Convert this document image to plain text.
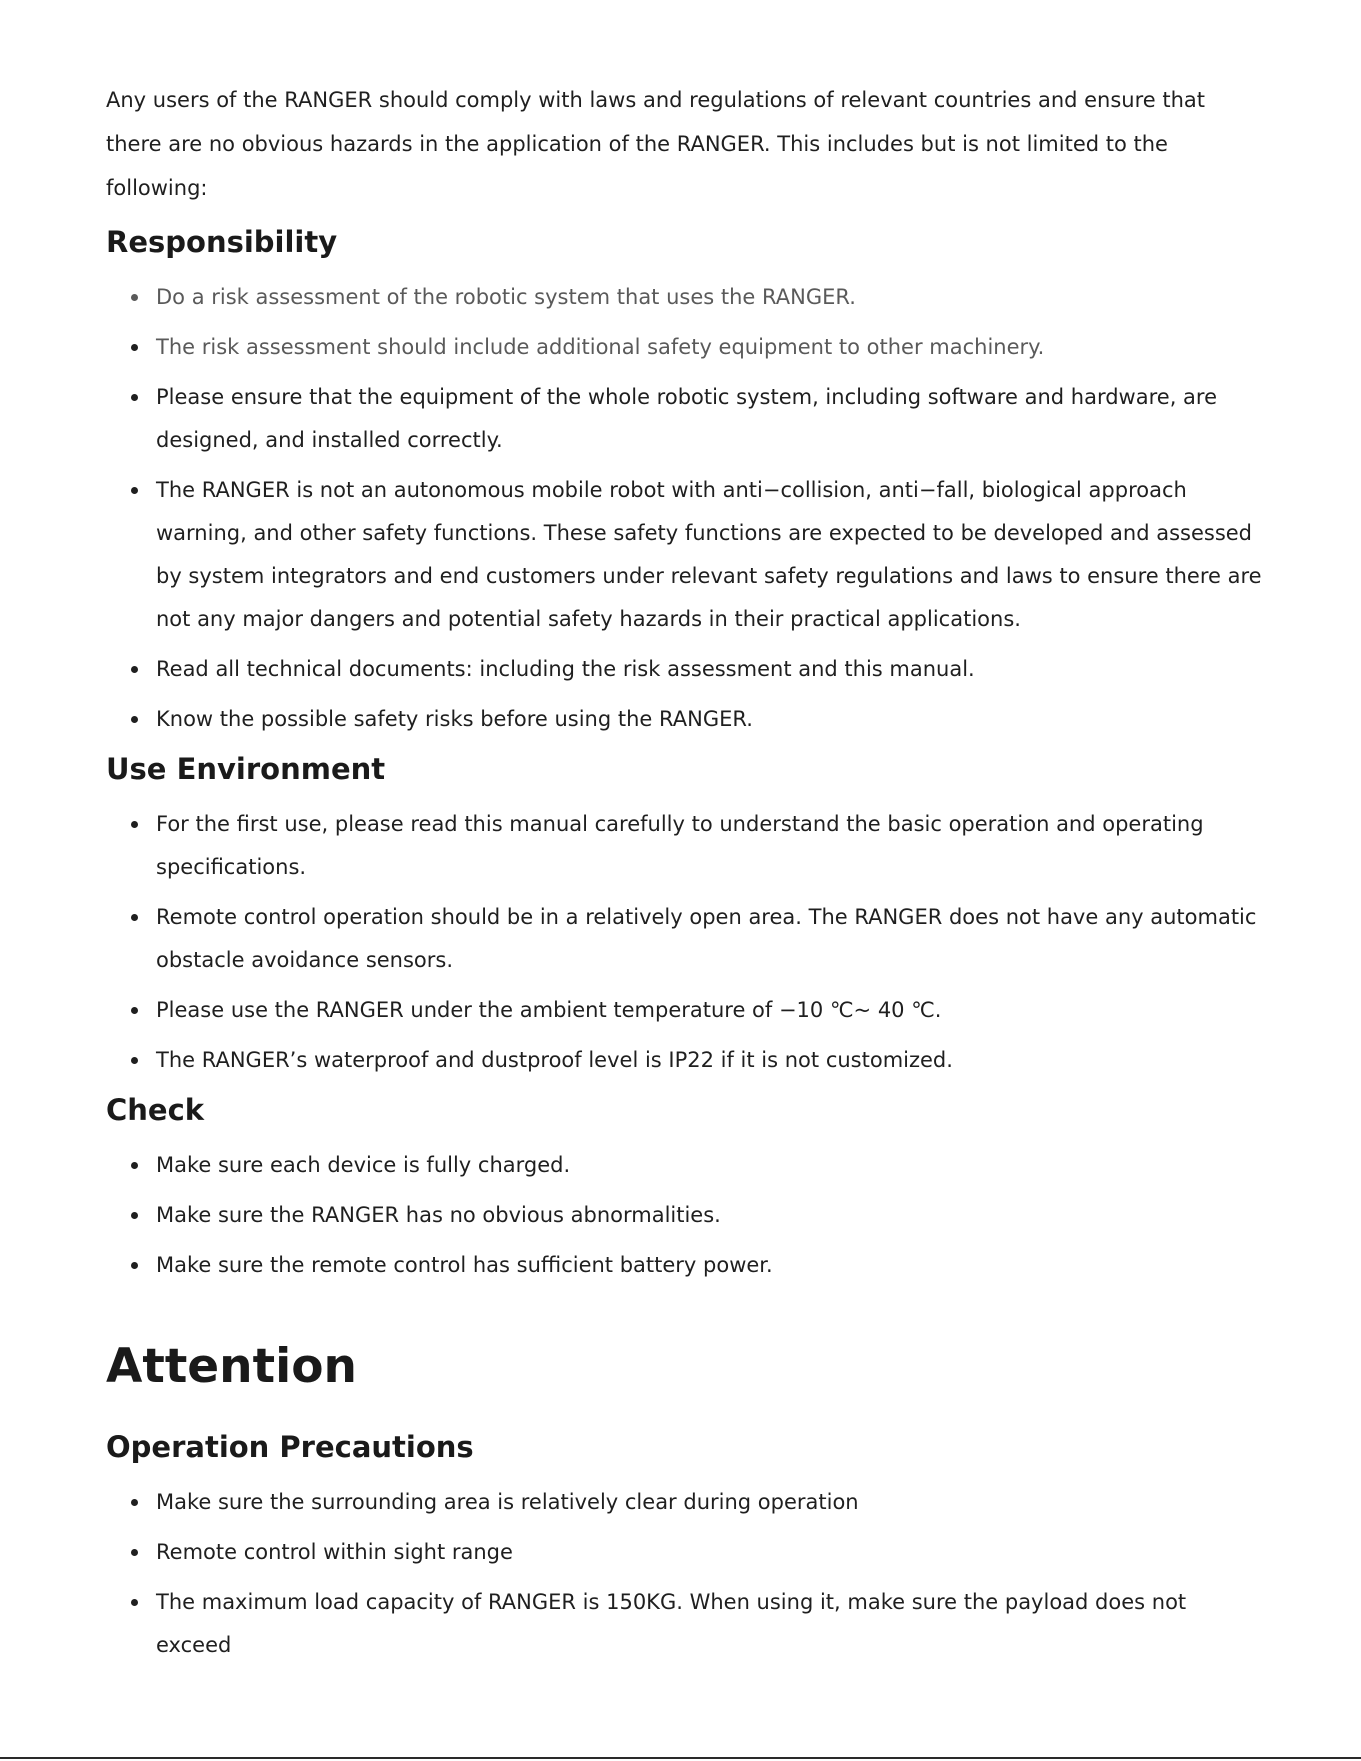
Any users of the RANGER should comply with laws and regulations of relevant countries and ensure that there are no obvious hazards in the application of the RANGER. This includes but is not limited to the following:

Responsibility
Do a risk assessment of the robotic system that uses the RANGER.
The risk assessment should include additional safety equipment to other machinery.
Please ensure that the equipment of the whole robotic system, including software and hardware, are designed, and installed correctly.
The RANGER is not an autonomous mobile robot with anti−collision, anti−fall, biological approach warning, and other safety functions. These safety functions are expected to be developed and assessed by system integrators and end customers under relevant safety regulations and laws to ensure there are not any major dangers and potential safety hazards in their practical applications.
Read all technical documents: including the risk assessment and this manual.
Know the possible safety risks before using the RANGER.
Use Environment
For the first use, please read this manual carefully to understand the basic operation and operating specifications.
Remote control operation should be in a relatively open area. The RANGER does not have any automatic obstacle avoidance sensors.
Please use the RANGER under the ambient temperature of −10 ℃~ 40 ℃.
The RANGER’s waterproof and dustproof level is IP22 if it is not customized.
Check
Make sure each device is fully charged.
Make sure the RANGER has no obvious abnormalities.
Make sure the remote control has sufficient battery power.
Attention
Operation Precautions
Make sure the surrounding area is relatively clear during operation
Remote control within sight range
The maximum load capacity of RANGER is 150KG. When using it, make sure the payload does not exceed
